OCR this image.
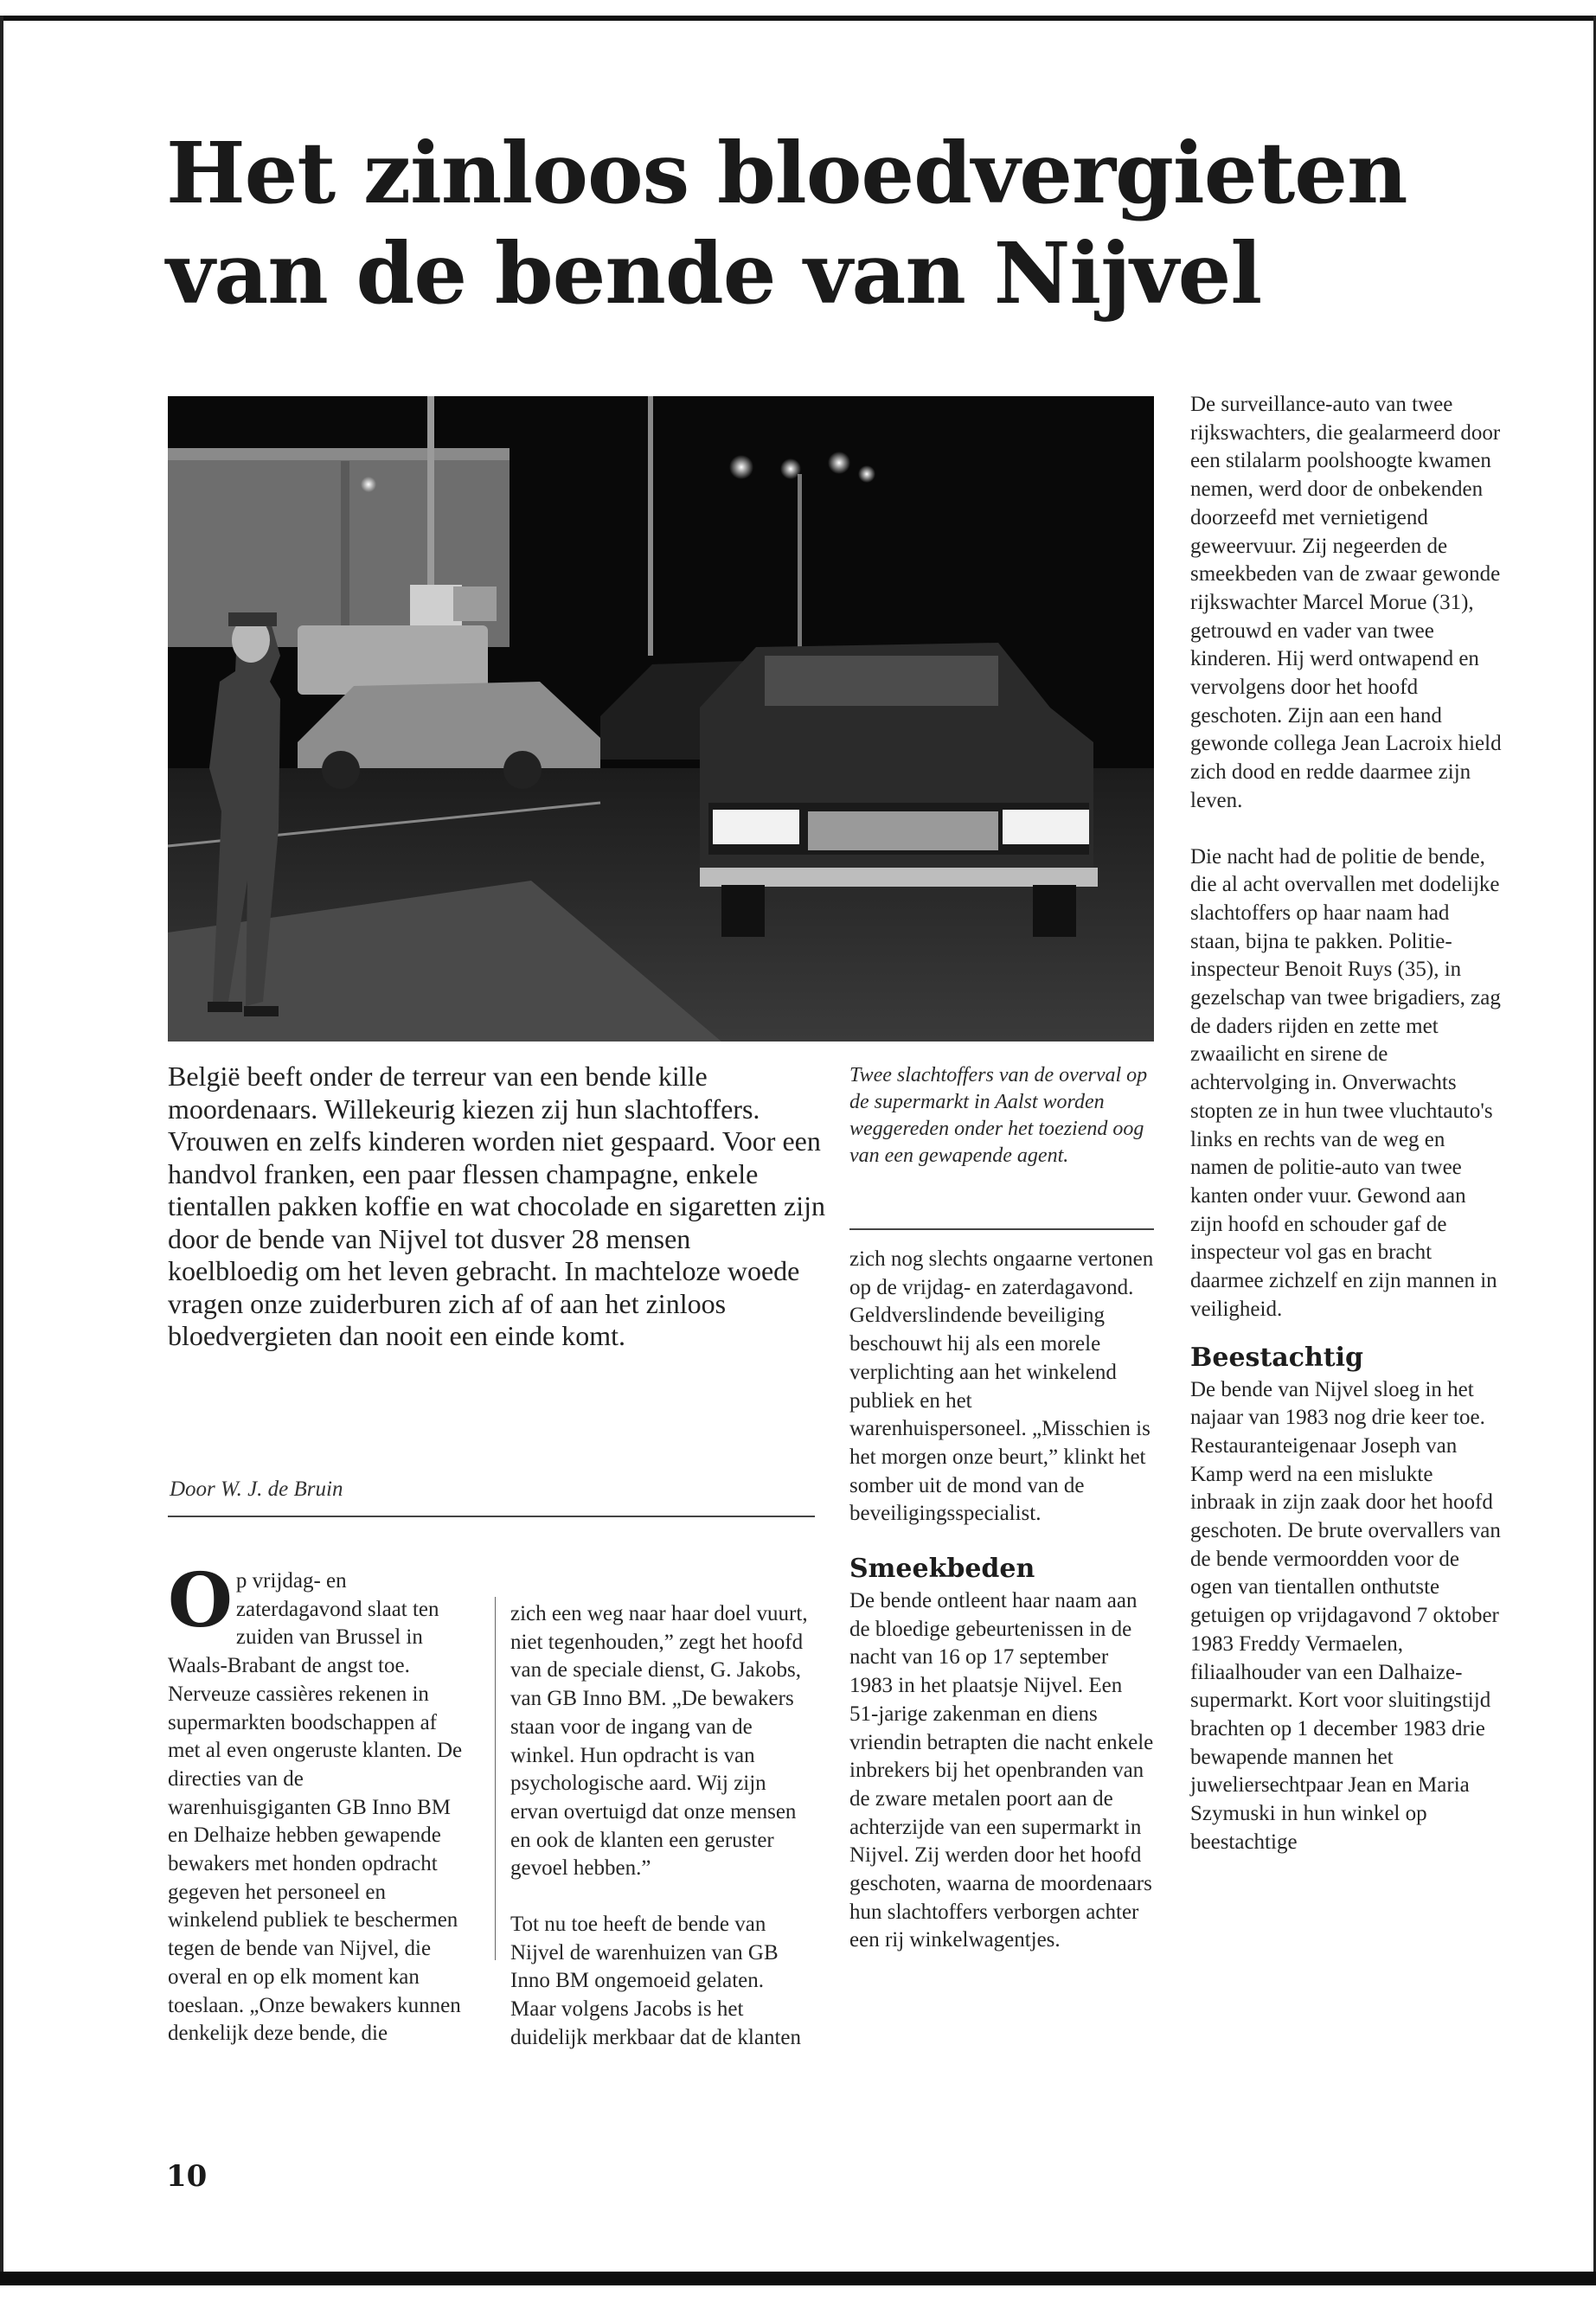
Het zinloos bloedvergieten van de bende van Nijvel

België beeft onder de terreur van een bende kille moordenaars. Willekeurig kiezen zij hun slachtoffers. Vrouwen en zelfs kinderen worden niet gespaard. Voor een handvol franken, een paar flessen champagne, enkele tientallen pakken koffie en wat chocolade en sigaretten zijn door de bende van Nijvel tot dusver 28 mensen koelbloedig om het leven gebracht. In machteloze woede vragen onze zuiderburen zich af of aan het zinloos bloedvergieten dan nooit een einde komt.

Twee slachtoffers van de overval op de supermarkt in Aalst worden weggereden onder het toeziend oog van een gewapende agent.

Door W. J. de Bruin

Op vrijdag- en zaterdagavond slaat ten zuiden van Brussel in Waals-Brabant de angst toe. Nerveuze cassières rekenen in supermarkten boodschappen af met al even ongeruste klanten. De directies van de warenhuisgiganten GB Inno BM en Delhaize hebben gewapende bewakers met honden opdracht gegeven het personeel en winkelend publiek te beschermen tegen de bende van Nijvel, die overal en op elk moment kan toeslaan. „Onze bewakers kunnen denkelijk deze bende, die

zich een weg naar haar doel vuurt, niet tegenhouden,” zegt het hoofd van de speciale dienst, G. Jakobs, van GB Inno BM. „De bewakers staan voor de ingang van de winkel. Hun opdracht is van psychologische aard. Wij zijn ervan overtuigd dat onze mensen en ook de klanten een geruster gevoel hebben.”

Tot nu toe heeft de bende van Nijvel de warenhuizen van GB Inno BM ongemoeid gelaten. Maar volgens Jacobs is het duidelijk merkbaar dat de klanten

zich nog slechts ongaarne vertonen op de vrijdag- en zaterdagavond. Geldverslindende beveiliging beschouwt hij als een morele verplichting aan het winkelend publiek en het warenhuispersoneel. „Misschien is het morgen onze beurt,” klinkt het somber uit de mond van de beveiligingsspecialist.

Smeekbeden

De bende ontleent haar naam aan de bloedige gebeurtenissen in de nacht van 16 op 17 september 1983 in het plaatsje Nijvel. Een 51-jarige zakenman en diens vriendin betrapten die nacht enkele inbrekers bij het openbranden van de zware metalen poort aan de achterzijde van een supermarkt in Nijvel. Zij werden door het hoofd geschoten, waarna de moordenaars hun slachtoffers verborgen achter een rij winkelwagentjes.

De surveillance-auto van twee rijkswachters, die gealarmeerd door een stilalarm poolshoogte kwamen nemen, werd door de onbekenden doorzeefd met vernietigend geweervuur. Zij negeerden de smeekbeden van de zwaar gewonde rijkswachter Marcel Morue (31), getrouwd en vader van twee kinderen. Hij werd ontwapend en vervolgens door het hoofd geschoten. Zijn aan een hand gewonde collega Jean Lacroix hield zich dood en redde daarmee zijn leven.

Die nacht had de politie de bende, die al acht overvallen met dodelijke slachtoffers op haar naam had staan, bijna te pakken. Politie-inspecteur Benoit Ruys (35), in gezelschap van twee brigadiers, zag de daders rijden en zette met zwaailicht en sirene de achtervolging in. Onverwachts stopten ze in hun twee vluchtauto's links en rechts van de weg en namen de politie-auto van twee kanten onder vuur. Gewond aan zijn hoofd en schouder gaf de inspecteur vol gas en bracht daarmee zichzelf en zijn mannen in veiligheid.

Beestachtig

De bende van Nijvel sloeg in het najaar van 1983 nog drie keer toe. Restauranteigenaar Joseph van Kamp werd na een mislukte inbraak in zijn zaak door het hoofd geschoten. De brute overvallers van de bende vermoordden voor de ogen van tientallen onthutste getuigen op vrijdagavond 7 oktober 1983 Freddy Vermaelen, filiaalhouder van een Dalhaize-supermarkt. Kort voor sluitingstijd brachten op 1 december 1983 drie bewapende mannen het juweliersechtpaar Jean en Maria Szymuski in hun winkel op beestachtige

10
